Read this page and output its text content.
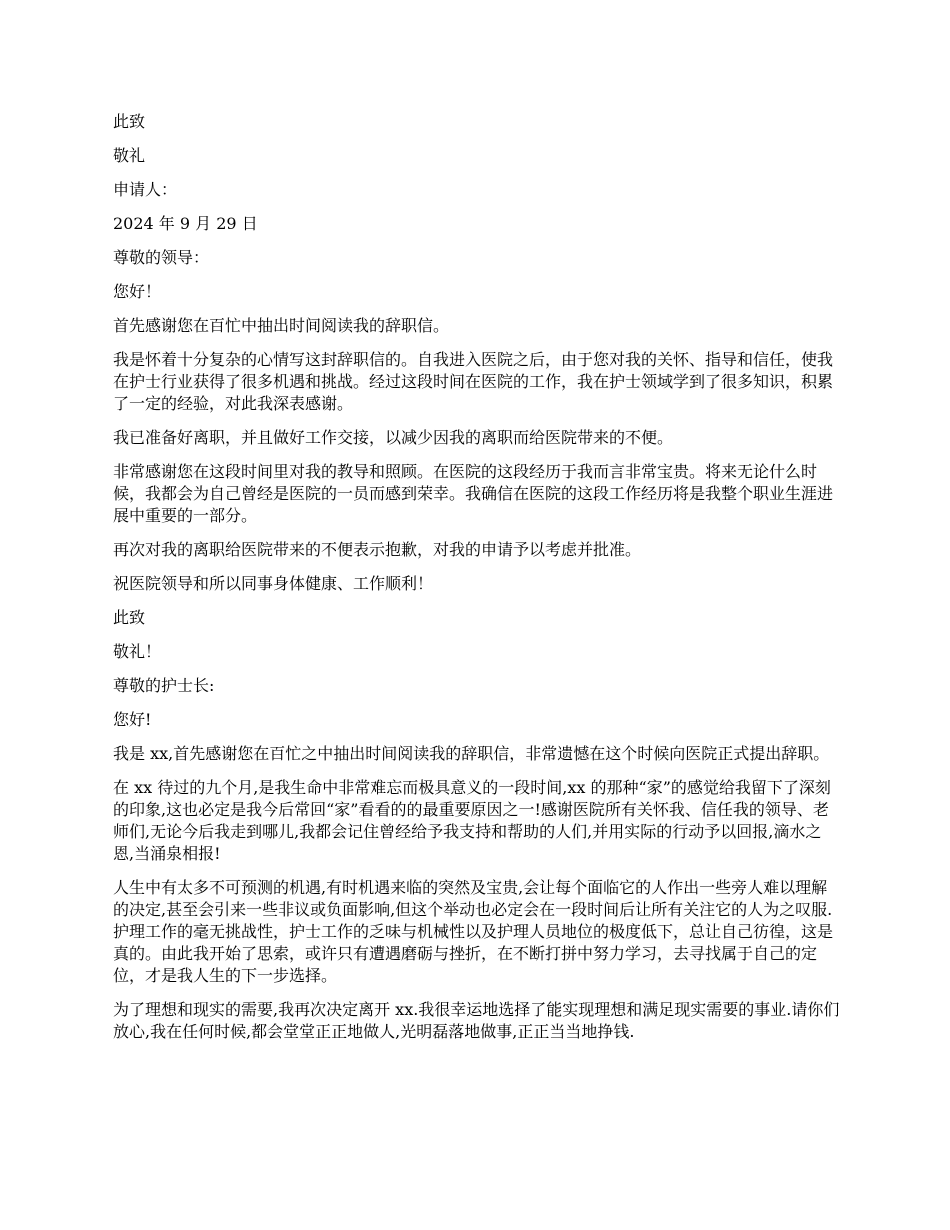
此致

敬礼

申请人：

2024 年 9 月 29 日

尊敬的领导：

您好！

首先感谢您在百忙中抽出时间阅读我的辞职信。

我是怀着十分复杂的心情写这封辞职信的。自我进入医院之后，由于您对我的关怀、指导和信任，使我在护士行业获得了很多机遇和挑战。经过这段时间在医院的工作，我在护士领域学到了很多知识，积累了一定的经验，对此我深表感谢。

我已准备好离职，并且做好工作交接，以减少因我的离职而给医院带来的不便。

非常感谢您在这段时间里对我的教导和照顾。在医院的这段经历于我而言非常宝贵。将来无论什么时候，我都会为自己曾经是医院的一员而感到荣幸。我确信在医院的这段工作经历将是我整个职业生涯进展中重要的一部分。

再次对我的离职给医院带来的不便表示抱歉，对我的申请予以考虑并批准。

祝医院领导和所以同事身体健康、工作顺利！

此致

敬礼！

尊敬的护士长:

您好!

我是 xx,首先感谢您在百忙之中抽出时间阅读我的辞职信，非常遗憾在这个时候向医院正式提出辞职。

在 xx 待过的九个月,是我生命中非常难忘而极具意义的一段时间,xx 的那种“家”的感觉给我留下了深刻的印象,这也必定是我今后常回“家”看看的的最重要原因之一!感谢医院所有关怀我、信任我的领导、老师们,无论今后我走到哪儿,我都会记住曾经给予我支持和帮助的人们,并用实际的行动予以回报,滴水之恩,当涌泉相报!

人生中有太多不可预测的机遇,有时机遇来临的突然及宝贵,会让每个面临它的人作出一些旁人难以理解的决定,甚至会引来一些非议或负面影响,但这个举动也必定会在一段时间后让所有关注它的人为之叹服.护理工作的毫无挑战性，护士工作的乏味与机械性以及护理人员地位的极度低下，总让自己彷徨，这是真的。由此我开始了思索，或许只有遭遇磨砺与挫折，在不断打拼中努力学习，去寻找属于自己的定位，才是我人生的下一步选择。

为了理想和现实的需要,我再次决定离开 xx.我很幸运地选择了能实现理想和满足现实需要的事业.请你们放心,我在任何时候,都会堂堂正正地做人,光明磊落地做事,正正当当地挣钱.
